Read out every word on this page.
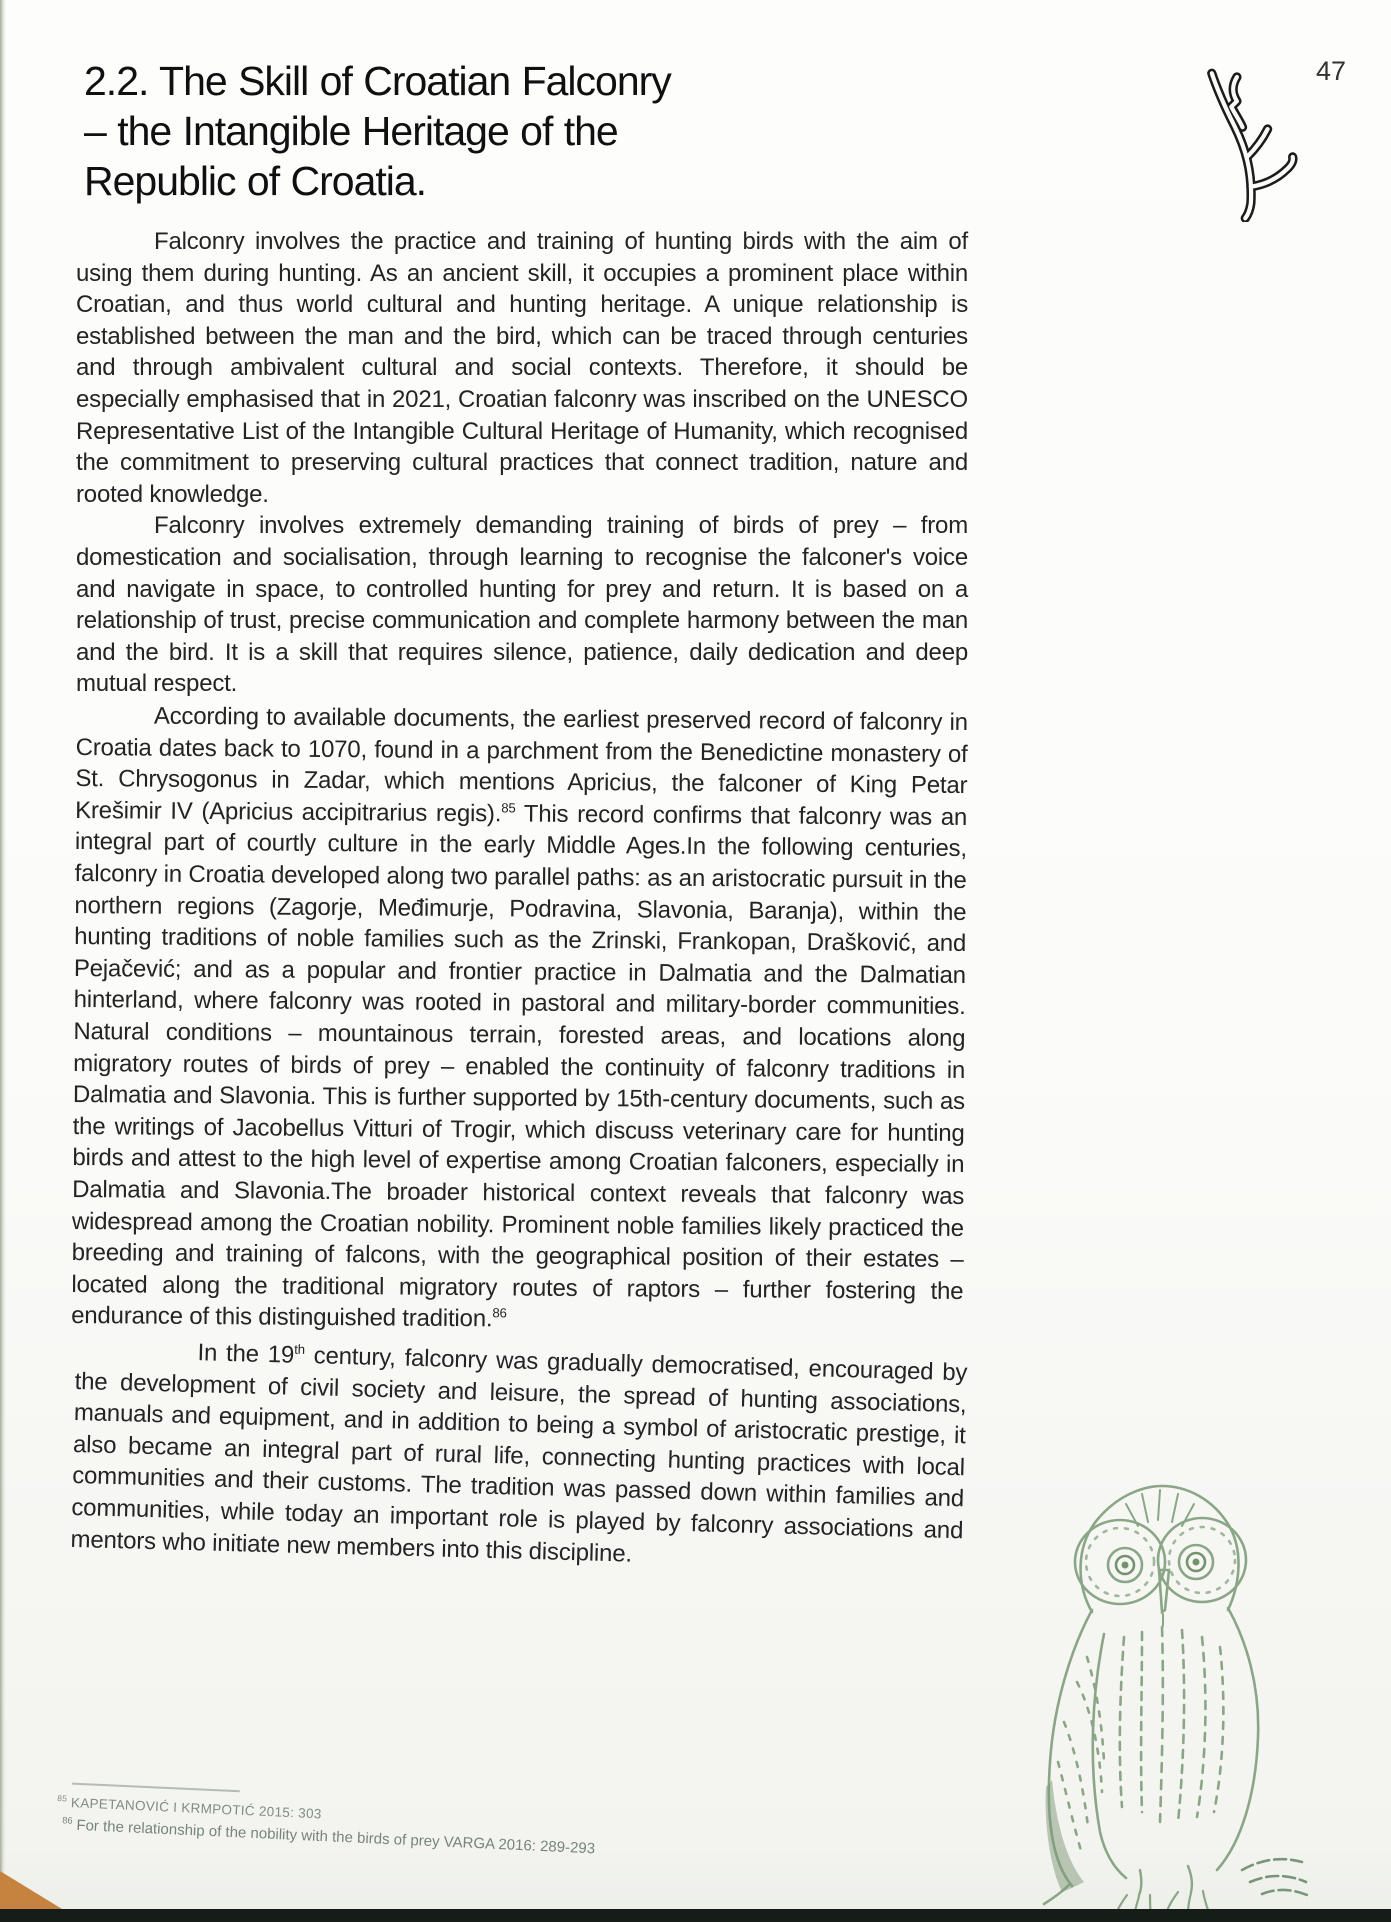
2.2. The Skill of Croatian Falconry
– the Intangible Heritage of the
Republic of Croatia.
47

Falconry involves the practice and training of hunting birds with the aim of using them during hunting. As an ancient skill, it occupies a prominent place within Croatian, and thus world cultural and hunting heritage. A unique relationship is established between the man and the bird, which can be traced through centuries and through ambivalent cultural and social contexts. Therefore, it should be especially emphasised that in 2021, Croatian falconry was inscribed on the UNESCO Representative List of the Intangible Cultural Heritage of Humanity, which recognised the commitment to preserving cultural practices that connect tradition, nature and rooted knowledge.

Falconry involves extremely demanding training of birds of prey – from domestication and socialisation, through learning to recognise the falconer's voice and navigate in space, to controlled hunting for prey and return. It is based on a relationship of trust, precise communication and complete harmony between the man and the bird. It is a skill that requires silence, patience, daily dedication and deep mutual respect.

According to available documents, the earliest preserved record of falconry in Croatia dates back to 1070, found in a parchment from the Benedictine monastery of St. Chrysogonus in Zadar, which mentions Apricius, the falconer of King Petar Krešimir IV (Apricius accipitrarius regis).$^{85}$ This record confirms that falconry was an integral part of courtly culture in the early Middle Ages.In the following centuries, falconry in Croatia developed along two parallel paths: as an aristocratic pursuit in the northern regions (Zagorje, Međimurje, Podravina, Slavonia, Baranja), within the hunting traditions of noble families such as the Zrinski, Frankopan, Drašković, and Pejačević; and as a popular and frontier practice in Dalmatia and the Dalmatian hinterland, where falconry was rooted in pastoral and military-border communities. Natural conditions – mountainous terrain, forested areas, and locations along migratory routes of birds of prey – enabled the continuity of falconry traditions in Dalmatia and Slavonia. This is further supported by 15th-century documents, such as the writings of Jacobellus Vitturi of Trogir, which discuss veterinary care for hunting birds and attest to the high level of expertise among Croatian falconers, especially in Dalmatia and Slavonia.The broader historical context reveals that falconry was widespread among the Croatian nobility. Prominent noble families likely practiced the breeding and training of falcons, with the geographical position of their estates – located along the traditional migratory routes of raptors – further fostering the endurance of this distinguished tradition.$^{86}$

In the 19th century, falconry was gradually democratised, encouraged by the development of civil society and leisure, the spread of hunting associations, manuals and equipment, and in addition to being a symbol of aristocratic prestige, it also became an integral part of rural life, connecting hunting practices with local communities and their customs. The tradition was passed down within families and communities, while today an important role is played by falconry associations and mentors who initiate new members into this discipline.

$^{85}$ KAPETANOVIĆ I KRMPOTIĆ 2015: 303
$^{86}$ For the relationship of the nobility with the birds of prey VARGA 2016: 289-293
